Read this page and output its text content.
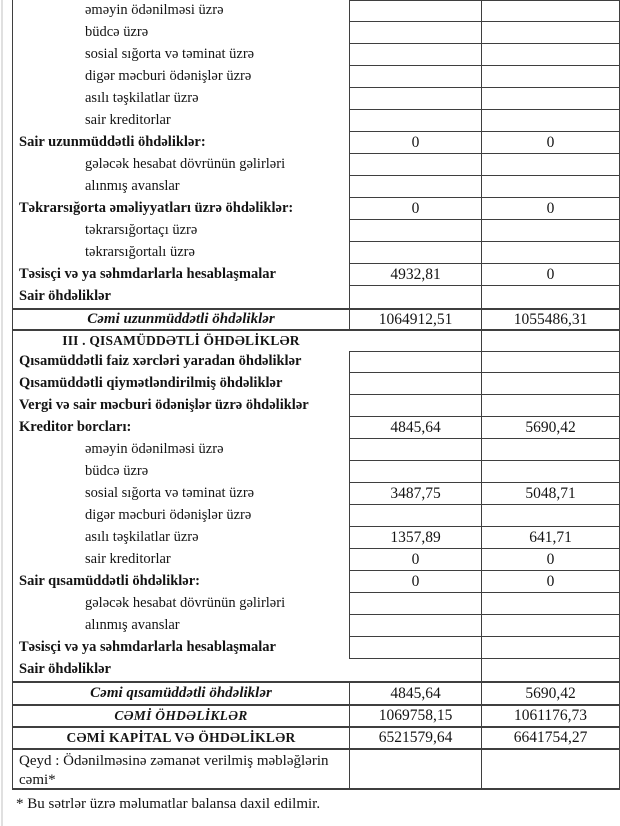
əməyin ödənilməsi üzrə
büdcə üzrə
sosial sığorta və təminat üzrə
digər məcburi ödənişlər üzrə
asılı təşkilatlar üzrə
sair kreditorlar
Sair uzunmüddətli öhdəliklər:	0	0
gələcək hesabat dövrünün gəlirləri
alınmış avanslar
Təkrarsığorta əməliyyatları üzrə öhdəliklər:	0	0
təkrarsığortaçı üzrə
təkrarsığortalı üzrə
Təsisçi və ya səhmdarlarla hesablaşmalar	4932,81	0
Sair öhdəliklər
Cəmi uzunmüddətli öhdəliklər	1064912,51	1055486,31
III . QISAMÜDDƏTLİ ÖHDƏLİKLƏR
Qısamüddətli faiz xərcləri yaradan öhdəliklər
Qısamüddətli qiymətləndirilmiş öhdəliklər
Vergi və sair məcburi ödənişlər üzrə öhdəliklər
Kreditor borcları:	4845,64	5690,42
əməyin ödənilməsi üzrə
büdcə üzrə
sosial sığorta və təminat üzrə	3487,75	5048,71
digər məcburi ödənişlər üzrə
asılı təşkilatlar üzrə	1357,89	641,71
sair kreditorlar	0	0
Sair qısamüddətli öhdəliklər:	0	0
gələcək hesabat dövrünün gəlirləri
alınmış avanslar
Təsisçi və ya səhmdarlarla hesablaşmalar
Sair öhdəliklər
Cəmi qısamüddətli öhdəliklər	4845,64	5690,42
CƏMİ ÖHDƏLİKLƏR	1069758,15	1061176,73
CƏMİ KAPİTAL VƏ ÖHDƏLİKLƏR	6521579,64	6641754,27
Qeyd : Ödənilməsinə zəmanət verilmiş məbləğlərin cəmi*
* Bu sətrlər üzrə məlumatlar balansa daxil edilmir.
